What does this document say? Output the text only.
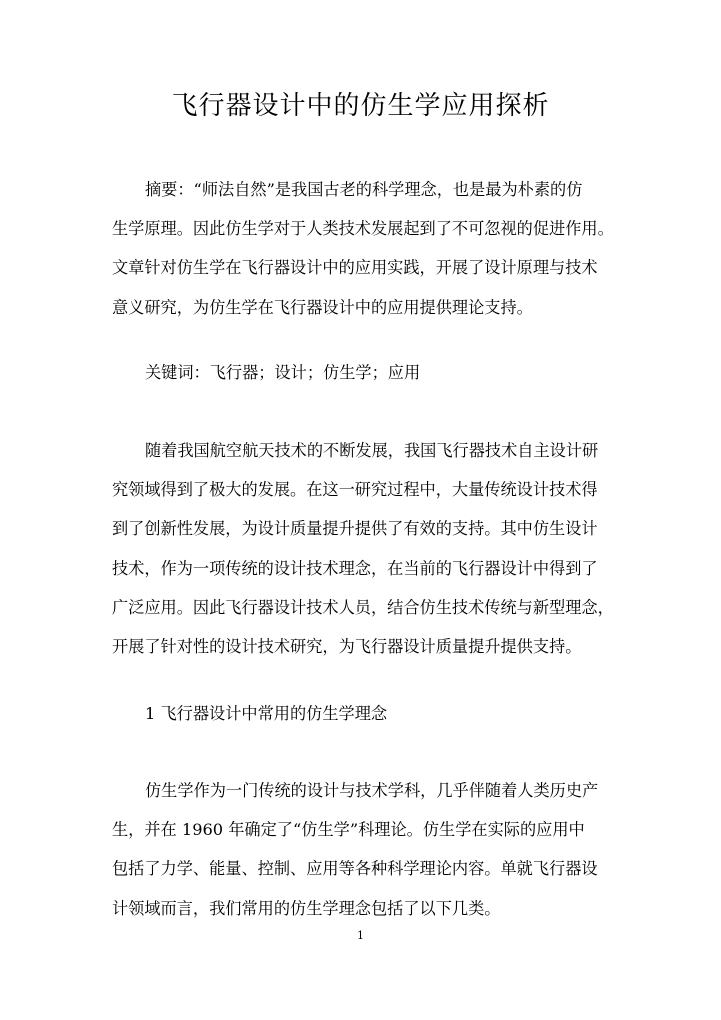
飞行器设计中的仿生学应用探析
摘要：“师法自然”是我国古老的科学理念，也是最为朴素的仿
生学原理。因此仿生学对于人类技术发展起到了不可忽视的促进作用。
文章针对仿生学在飞行器设计中的应用实践，开展了设计原理与技术
意义研究，为仿生学在飞行器设计中的应用提供理论支持。
关键词：飞行器；设计；仿生学；应用
随着我国航空航天技术的不断发展，我国飞行器技术自主设计研
究领域得到了极大的发展。在这一研究过程中，大量传统设计技术得
到了创新性发展，为设计质量提升提供了有效的支持。其中仿生设计
技术，作为一项传统的设计技术理念，在当前的飞行器设计中得到了
广泛应用。因此飞行器设计技术人员，结合仿生技术传统与新型理念，
开展了针对性的设计技术研究，为飞行器设计质量提升提供支持。
1 飞行器设计中常用的仿生学理念
仿生学作为一门传统的设计与技术学科，几乎伴随着人类历史产
生，并在 1960 年确定了“仿生学”科理论。仿生学在实际的应用中
包括了力学、能量、控制、应用等各种科学理论内容。单就飞行器设
计领域而言，我们常用的仿生学理念包括了以下几类。
1
